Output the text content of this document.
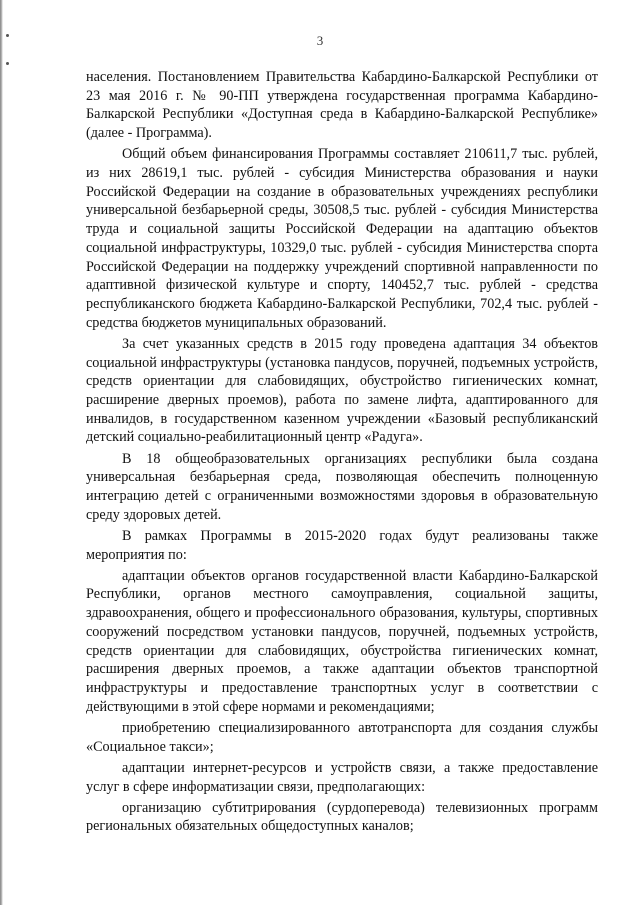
3

населения. Постановлением Правительства Кабардино-Балкарской Республики от 23 мая 2016 г. № 90-ПП утверждена государственная программа Кабардино-Балкарской Республики «Доступная среда в Кабардино-Балкарской Республике» (далее - Программа).

Общий объем финансирования Программы составляет 210611,7 тыс. рублей, из них 28619,1 тыс. рублей - субсидия Министерства образования и науки Российской Федерации на создание в образовательных учреждениях республики универсальной безбарьерной среды, 30508,5 тыс. рублей - субсидия Министерства труда и социальной защиты Российской Федерации на адаптацию объектов социальной инфраструктуры, 10329,0 тыс. рублей - субсидия Министерства спорта Российской Федерации на поддержку учреждений спортивной направленности по адаптивной физической культуре и спорту, 140452,7 тыс. рублей - средства республиканского бюджета Кабардино-Балкарской Республики, 702,4 тыс. рублей - средства бюджетов муниципальных образований.

За счет указанных средств в 2015 году проведена адаптация 34 объектов социальной инфраструктуры (установка пандусов, поручней, подъемных устройств, средств ориентации для слабовидящих, обустройство гигиенических комнат, расширение дверных проемов), работа по замене лифта, адаптированного для инвалидов, в государственном казенном учреждении «Базовый республиканский детский социально-реабилитационный центр «Радуга».

В 18 общеобразовательных организациях республики была создана универсальная безбарьерная среда, позволяющая обеспечить полноценную интеграцию детей с ограниченными возможностями здоровья в образовательную среду здоровых детей.

В рамках Программы в 2015-2020 годах будут реализованы также мероприятия по:

адаптации объектов органов государственной власти Кабардино-Балкарской Республики, органов местного самоуправления, социальной защиты, здравоохранения, общего и профессионального образования, культуры, спортивных сооружений посредством установки пандусов, поручней, подъемных устройств, средств ориентации для слабовидящих, обустройства гигиенических комнат, расширения дверных проемов, а также адаптации объектов транспортной инфраструктуры и предоставление транспортных услуг в соответствии с действующими в этой сфере нормами и рекомендациями;

приобретению специализированного автотранспорта для создания службы «Социальное такси»;

адаптации интернет-ресурсов и устройств связи, а также предоставление услуг в сфере информатизации связи, предполагающих:

организацию субтитрирования (сурдоперевода) телевизионных программ региональных обязательных общедоступных каналов;
